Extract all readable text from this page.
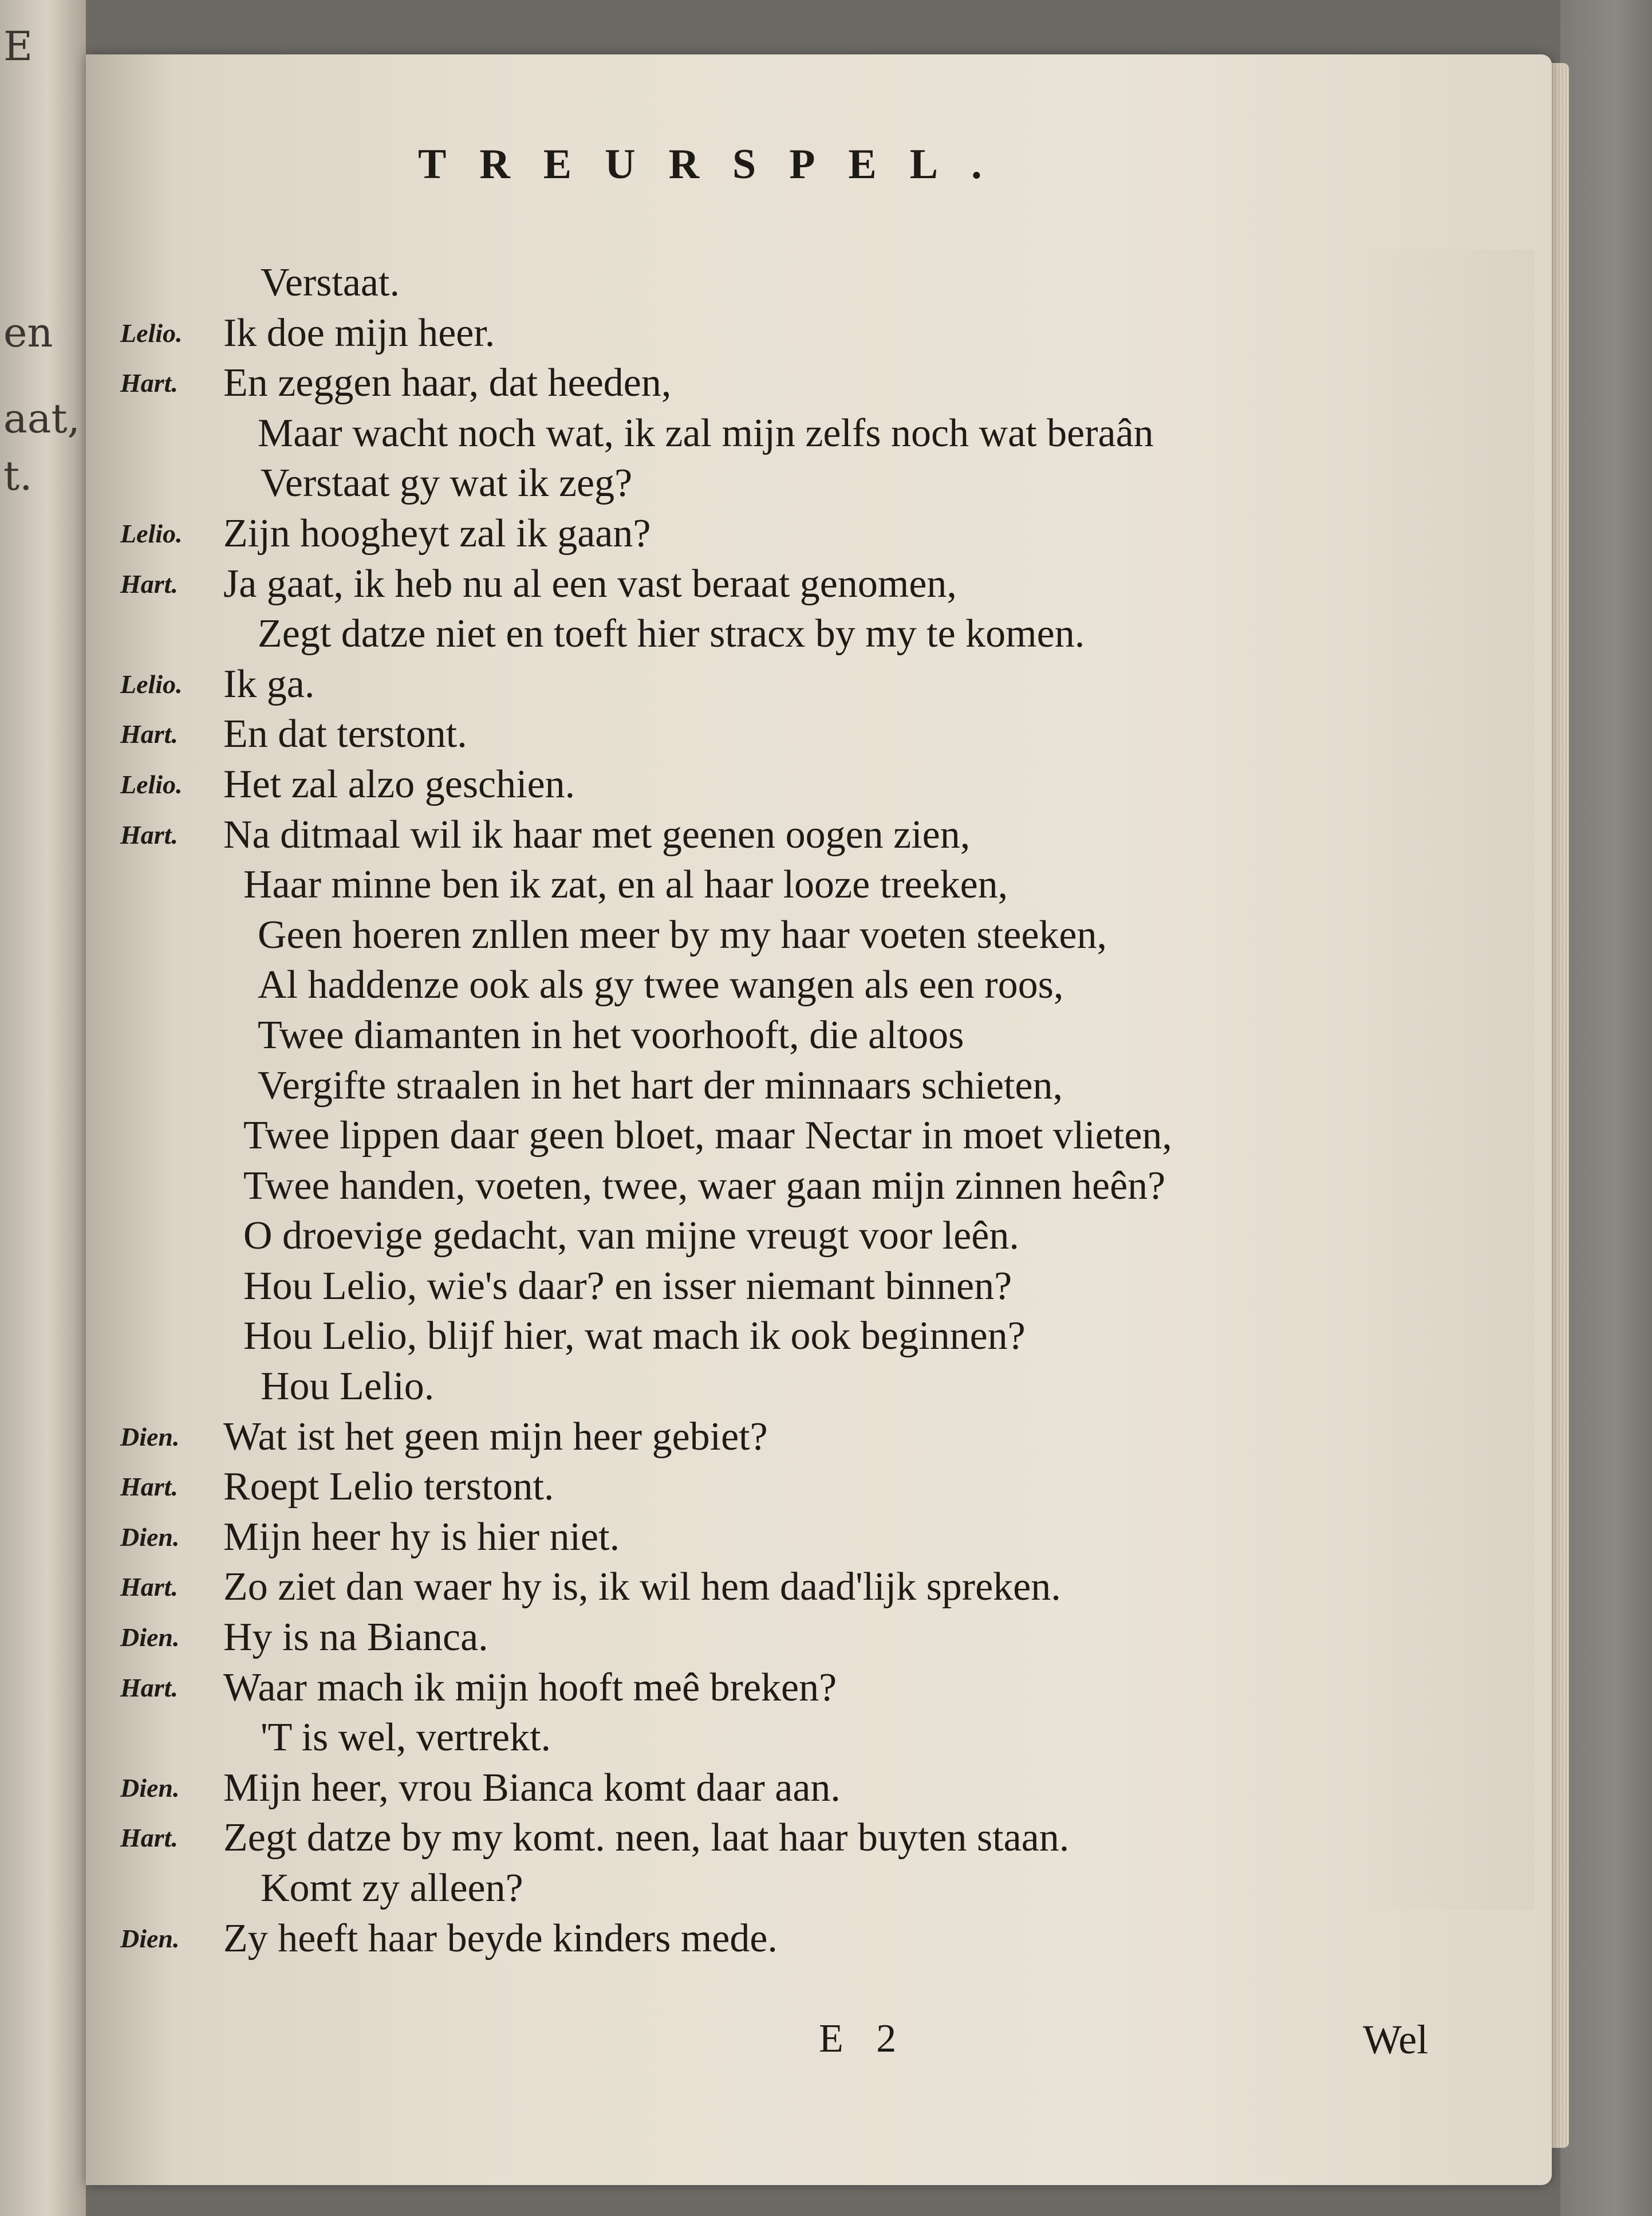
E
en
aat,
t.
TREURSPEL.
Verstaat.
Lelio.	Ik doe mijn heer.
Hart.	En zeggen haar, dat heeden,
Maar wacht noch wat, ik zal mijn zelfs noch wat beraân
Verstaat gy wat ik zeg?
Lelio.	Zijn hoogheyt zal ik gaan?
Hart.	Ja gaat, ik heb nu al een vast beraat genomen,
Zegt datze niet en toeft hier stracx by my te komen.
Lelio.	Ik ga.
Hart.	En dat terstont.
Lelio.	Het zal alzo geschien.
Hart.	Na ditmaal wil ik haar met geenen oogen zien,
Haar minne ben ik zat, en al haar looze treeken,
Geen hoeren znllen meer by my haar voeten steeken,
Al haddenze ook als gy twee wangen als een roos,
Twee diamanten in het voorhooft, die altoos
Vergifte straalen in het hart der minnaars schieten,
Twee lippen daar geen bloet, maar Nectar in moet vlieten,
Twee handen, voeten, twee, waer gaan mijn zinnen heên?
O droevige gedacht, van mijne vreugt voor leên.
Hou Lelio, wie's daar? en isser niemant binnen?
Hou Lelio, blijf hier, wat mach ik ook beginnen?
Hou Lelio.
Dien.	Wat ist het geen mijn heer gebiet?
Hart.	Roept Lelio terstont.
Dien.	Mijn heer hy is hier niet.
Hart.	Zo ziet dan waer hy is, ik wil hem daad'lijk spreken.
Dien.	Hy is na Bianca.
Hart.	Waar mach ik mijn hooft meê breken?
'T is wel, vertrekt.
Dien.	Mijn heer, vrou Bianca komt daar aan.
Hart.	Zegt datze by my komt. neen, laat haar buyten staan.
Komt zy alleen?
Dien.	Zy heeft haar beyde kinders mede.
E 2	Wel
